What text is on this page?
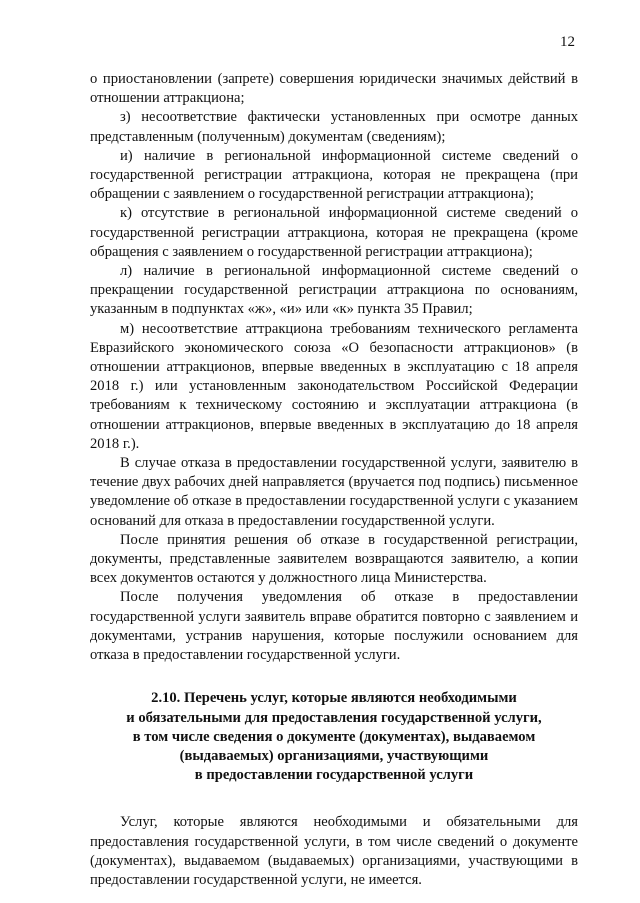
12

о приостановлении (запрете) совершения юридически значимых действий в отношении аттракциона;

з) несоответствие фактически установленных при осмотре данных представленным (полученным) документам (сведениям);

и) наличие в региональной информационной системе сведений о государственной регистрации аттракциона, которая не прекращена (при обращении с заявлением о государственной регистрации аттракциона);

к) отсутствие в региональной информационной системе сведений о государственной регистрации аттракциона, которая не прекращена (кроме обращения с заявлением о государственной регистрации аттракциона);

л) наличие в региональной информационной системе сведений о прекращении государственной регистрации аттракциона по основаниям, указанным в подпунктах «ж», «и» или «к» пункта 35 Правил;

м) несоответствие аттракциона требованиям технического регламента Евразийского экономического союза «О безопасности аттракционов» (в отношении аттракционов, впервые введенных в эксплуатацию с 18 апреля 2018 г.) или установленным законодательством Российской Федерации требованиям к техническому состоянию и эксплуатации аттракциона (в отношении аттракционов, впервые введенных в эксплуатацию до 18 апреля 2018 г.).

В случае отказа в предоставлении государственной услуги, заявителю в течение двух рабочих дней направляется (вручается под подпись) письменное уведомление об отказе в предоставлении государственной услуги с указанием оснований для отказа в предоставлении государственной услуги.

После принятия решения об отказе в государственной регистрации, документы, представленные заявителем возвращаются заявителю, а копии всех документов остаются у должностного лица Министерства.

После получения уведомления об отказе в предоставлении государственной услуги заявитель вправе обратится повторно с заявлением и документами, устранив нарушения, которые послужили основанием для отказа в предоставлении государственной услуги.

2.10. Перечень услуг, которые являются необходимыми
и обязательными для предоставления государственной услуги,
в том числе сведения о документе (документах), выдаваемом
(выдаваемых) организациями, участвующими
в предоставлении государственной услуги

Услуг, которые являются необходимыми и обязательными для предоставления государственной услуги, в том числе сведений о документе (документах), выдаваемом (выдаваемых) организациями, участвующими в предоставлении государственной услуги, не имеется.
